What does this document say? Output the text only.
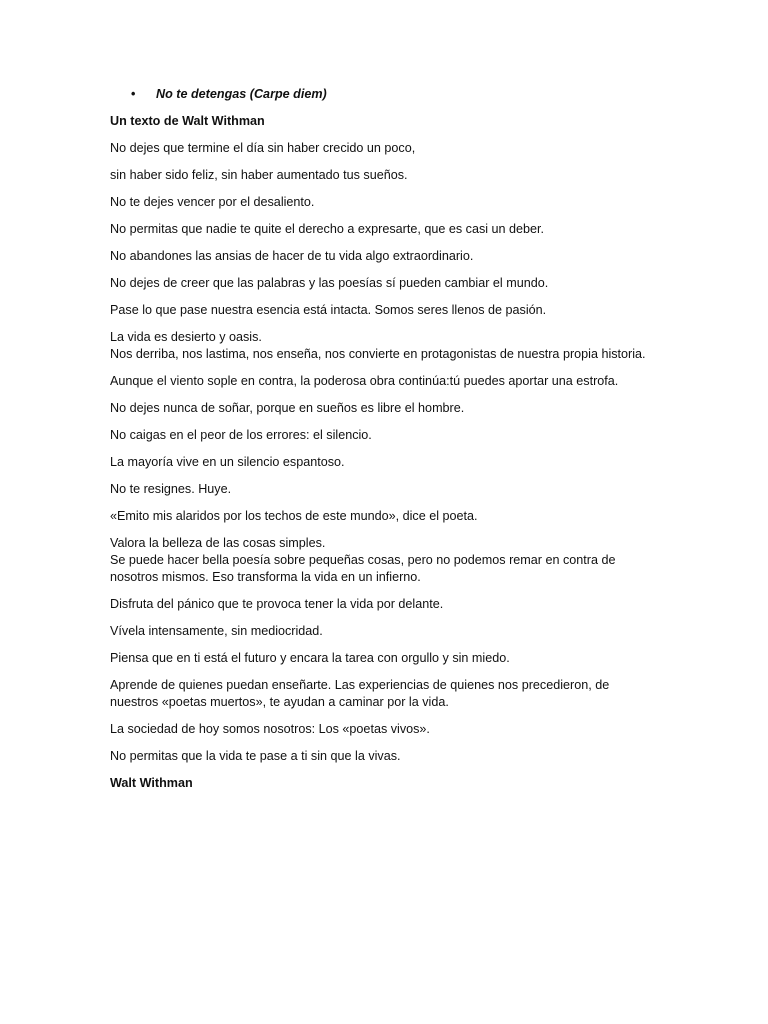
• No te detengas (Carpe diem)
Un texto de Walt Withman
No dejes que termine el día sin haber crecido un poco,
sin haber sido feliz, sin haber aumentado tus sueños.
No te dejes vencer por el desaliento.
No permitas que nadie te quite el derecho a expresarte, que es casi un deber.
No abandones las ansias de hacer de tu vida algo extraordinario.
No dejes de creer que las palabras y las poesías sí pueden cambiar el mundo.
Pase lo que pase nuestra esencia está intacta. Somos seres llenos de pasión.
La vida es desierto y oasis.
Nos derriba, nos lastima, nos enseña, nos convierte en protagonistas de nuestra propia historia.
Aunque el viento sople en contra, la poderosa obra continúa:tú puedes aportar una estrofa.
No dejes nunca de soñar, porque en sueños es libre el hombre.
No caigas en el peor de los errores: el silencio.
La mayoría vive en un silencio espantoso.
No te resignes. Huye.
«Emito mis alaridos por los techos de este mundo», dice el poeta.
Valora la belleza de las cosas simples.
Se puede hacer bella poesía sobre pequeñas cosas, pero no podemos remar en contra de nosotros mismos. Eso transforma la vida en un infierno.
Disfruta del pánico que te provoca tener la vida por delante.
Vívela intensamente, sin mediocridad.
Piensa que en ti está el futuro y encara la tarea con orgullo y sin miedo.
Aprende de quienes puedan enseñarte. Las experiencias de quienes nos precedieron, de nuestros «poetas muertos», te ayudan a caminar por la vida.
La sociedad de hoy somos nosotros: Los «poetas vivos».
No permitas que la vida te pase a ti sin que la vivas.
Walt Withman
